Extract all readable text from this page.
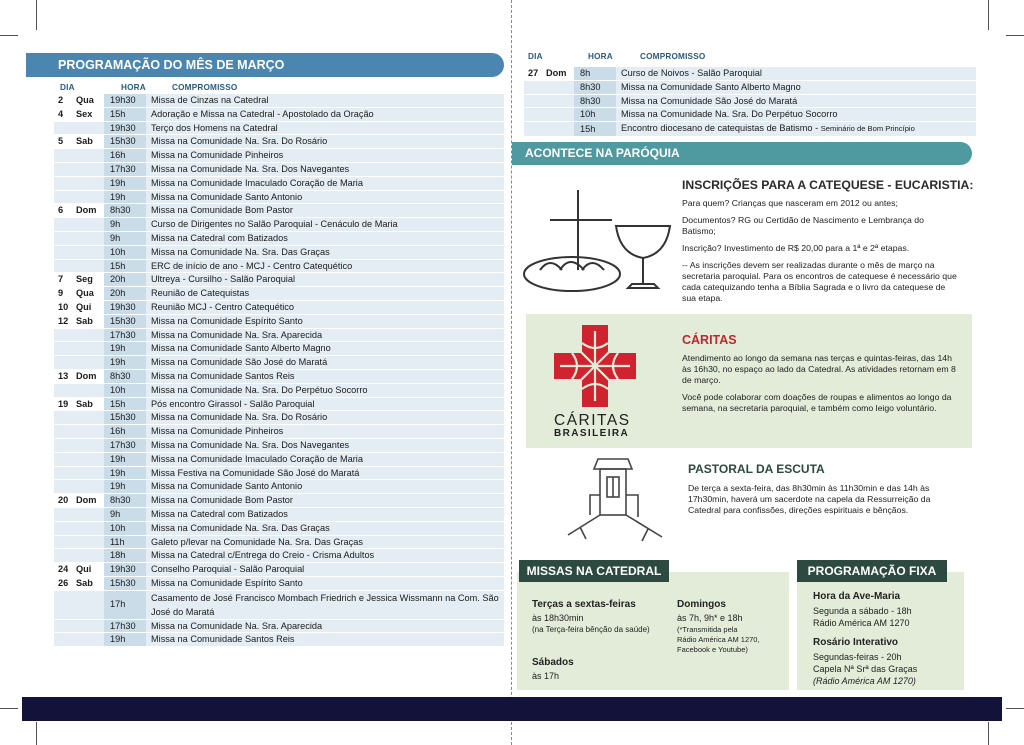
PROGRAMAÇÃO DO MÊS DE MARÇO
DIA	HORA	COMPROMISSO
2	Qua	19h30	Missa de Cinzas na Catedral
4	Sex	15h	Adoração e Missa na Catedral - Apostolado da Oração
		19h30	Terço dos Homens na Catedral
5	Sab	15h30	Missa na Comunidade Na. Sra. Do Rosário
		16h	Missa na Comunidade Pinheiros
		17h30	Missa na Comunidade Na. Sra. Dos Navegantes
		19h	Missa na Comunidade Imaculado Coração de Maria
		19h	Missa na Comunidade Santo Antonio
6	Dom	8h30	Missa na Comunidade Bom Pastor
		9h	Curso de Dirigentes no Salão Paroquial - Cenáculo de Maria
		9h	Missa na Catedral com Batizados
		10h	Missa na Comunidade Na. Sra. Das Graças
		15h	ERC de início de ano - MCJ - Centro Catequético
7	Seg	20h	Ultreya - Cursilho - Salão Paroquial
9	Qua	20h	Reunião de Catequistas
10	Qui	19h30	Reunião MCJ - Centro Catequético
12	Sab	15h30	Missa na Comunidade Espírito Santo
		17h30	Missa na Comunidade Na. Sra. Aparecida
		19h	Missa na Comunidade Santo Alberto Magno
		19h	Missa na Comunidade São José do Maratá
13	Dom	8h30	Missa na Comunidade Santos Reis
		10h	Missa na Comunidade Na. Sra. Do Perpétuo Socorro
19	Sab	15h	Pós encontro Girassol - Salão Paroquial
		15h30	Missa na Comunidade Na. Sra. Do Rosário
		16h	Missa na Comunidade Pinheiros
		17h30	Missa na Comunidade Na. Sra. Dos Navegantes
		19h	Missa na Comunidade Imaculado Coração de Maria
		19h	Missa Festiva na Comunidade São José do Maratá
		19h	Missa na Comunidade Santo Antonio
20	Dom	8h30	Missa na Comunidade Bom Pastor
		9h	Missa na Catedral com Batizados
		10h	Missa na Comunidade Na. Sra. Das Graças
		11h	Galeto p/levar na Comunidade Na. Sra. Das Graças
		18h	Missa na Catedral c/Entrega do Creio - Crisma Adultos
24	Qui	19h30	Conselho Paroquial - Salão Paroquial
26	Sab	15h30	Missa na Comunidade Espírito Santo
		17h	Casamento de José Francisco Mombach Friedrich e Jessica Wissmann na Com. São José do Maratá
		17h30	Missa na Comunidade Na. Sra. Aparecida
		19h	Missa na Comunidade Santos Reis
DIA	HORA	COMPROMISSO
27	Dom	8h	Curso de Noivos - Salão Paroquial
		8h30	Missa na Comunidade Santo Alberto Magno
		8h30	Missa na Comunidade São José do Maratá
		10h	Missa na Comunidade Na. Sra. Do Perpétuo Socorro
		15h	Encontro diocesano de catequistas de Batismo - Seminário de Bom Princípio
ACONTECE NA PARÓQUIA
INSCRIÇÕES PARA A CATEQUESE - EUCARISTIA:

Para quem? Crianças que nasceram em 2012 ou antes;

Documentos? RG ou Certidão de Nascimento e Lembrança do Batismo;

Inscrição? Investimento de R$ 20,00 para a 1ª e 2ª etapas.

-- As inscrições devem ser realizadas durante o mês de março na secretaria paroquial. Para os encontros de catequese é necessário que cada catequizando tenha a Bíblia Sagrada e o livro da catequese de sua etapa.

CÁRITAS
BRASILEIRA
CÁRITAS

Atendimento ao longo da semana nas terças e quintas-feiras, das 14h às 16h30, no espaço ao lado da Catedral. As atividades retornam em 8 de março.

Você pode colaborar com doações de roupas e alimentos ao longo da semana, na secretaria paroquial, e também como leigo voluntário.

PASTORAL DA ESCUTA
De terça a sexta-feira, das 8h30min às 11h30min e das 14h às 17h30min, haverá um sacerdote na capela da Ressurreição da Catedral para confissões, direções espirituais e bênçãos.
MISSAS NA CATEDRAL
Terças a sextas-feiras
às 18h30min
(na Terça-feira bênção da saúde)
Domingos
às 7h, 9h* e 18h
(*Transmitida pela
Rádio América AM 1270,
Facebook e Youtube)
Sábados
às 17h
PROGRAMAÇÃO FIXA
Hora da Ave-Maria
Segunda a sábado - 18h
Rádio América AM 1270
Rosário Interativo
Segundas-feiras - 20h
Capela Nª Srª das Graças
(Rádio América AM 1270)
